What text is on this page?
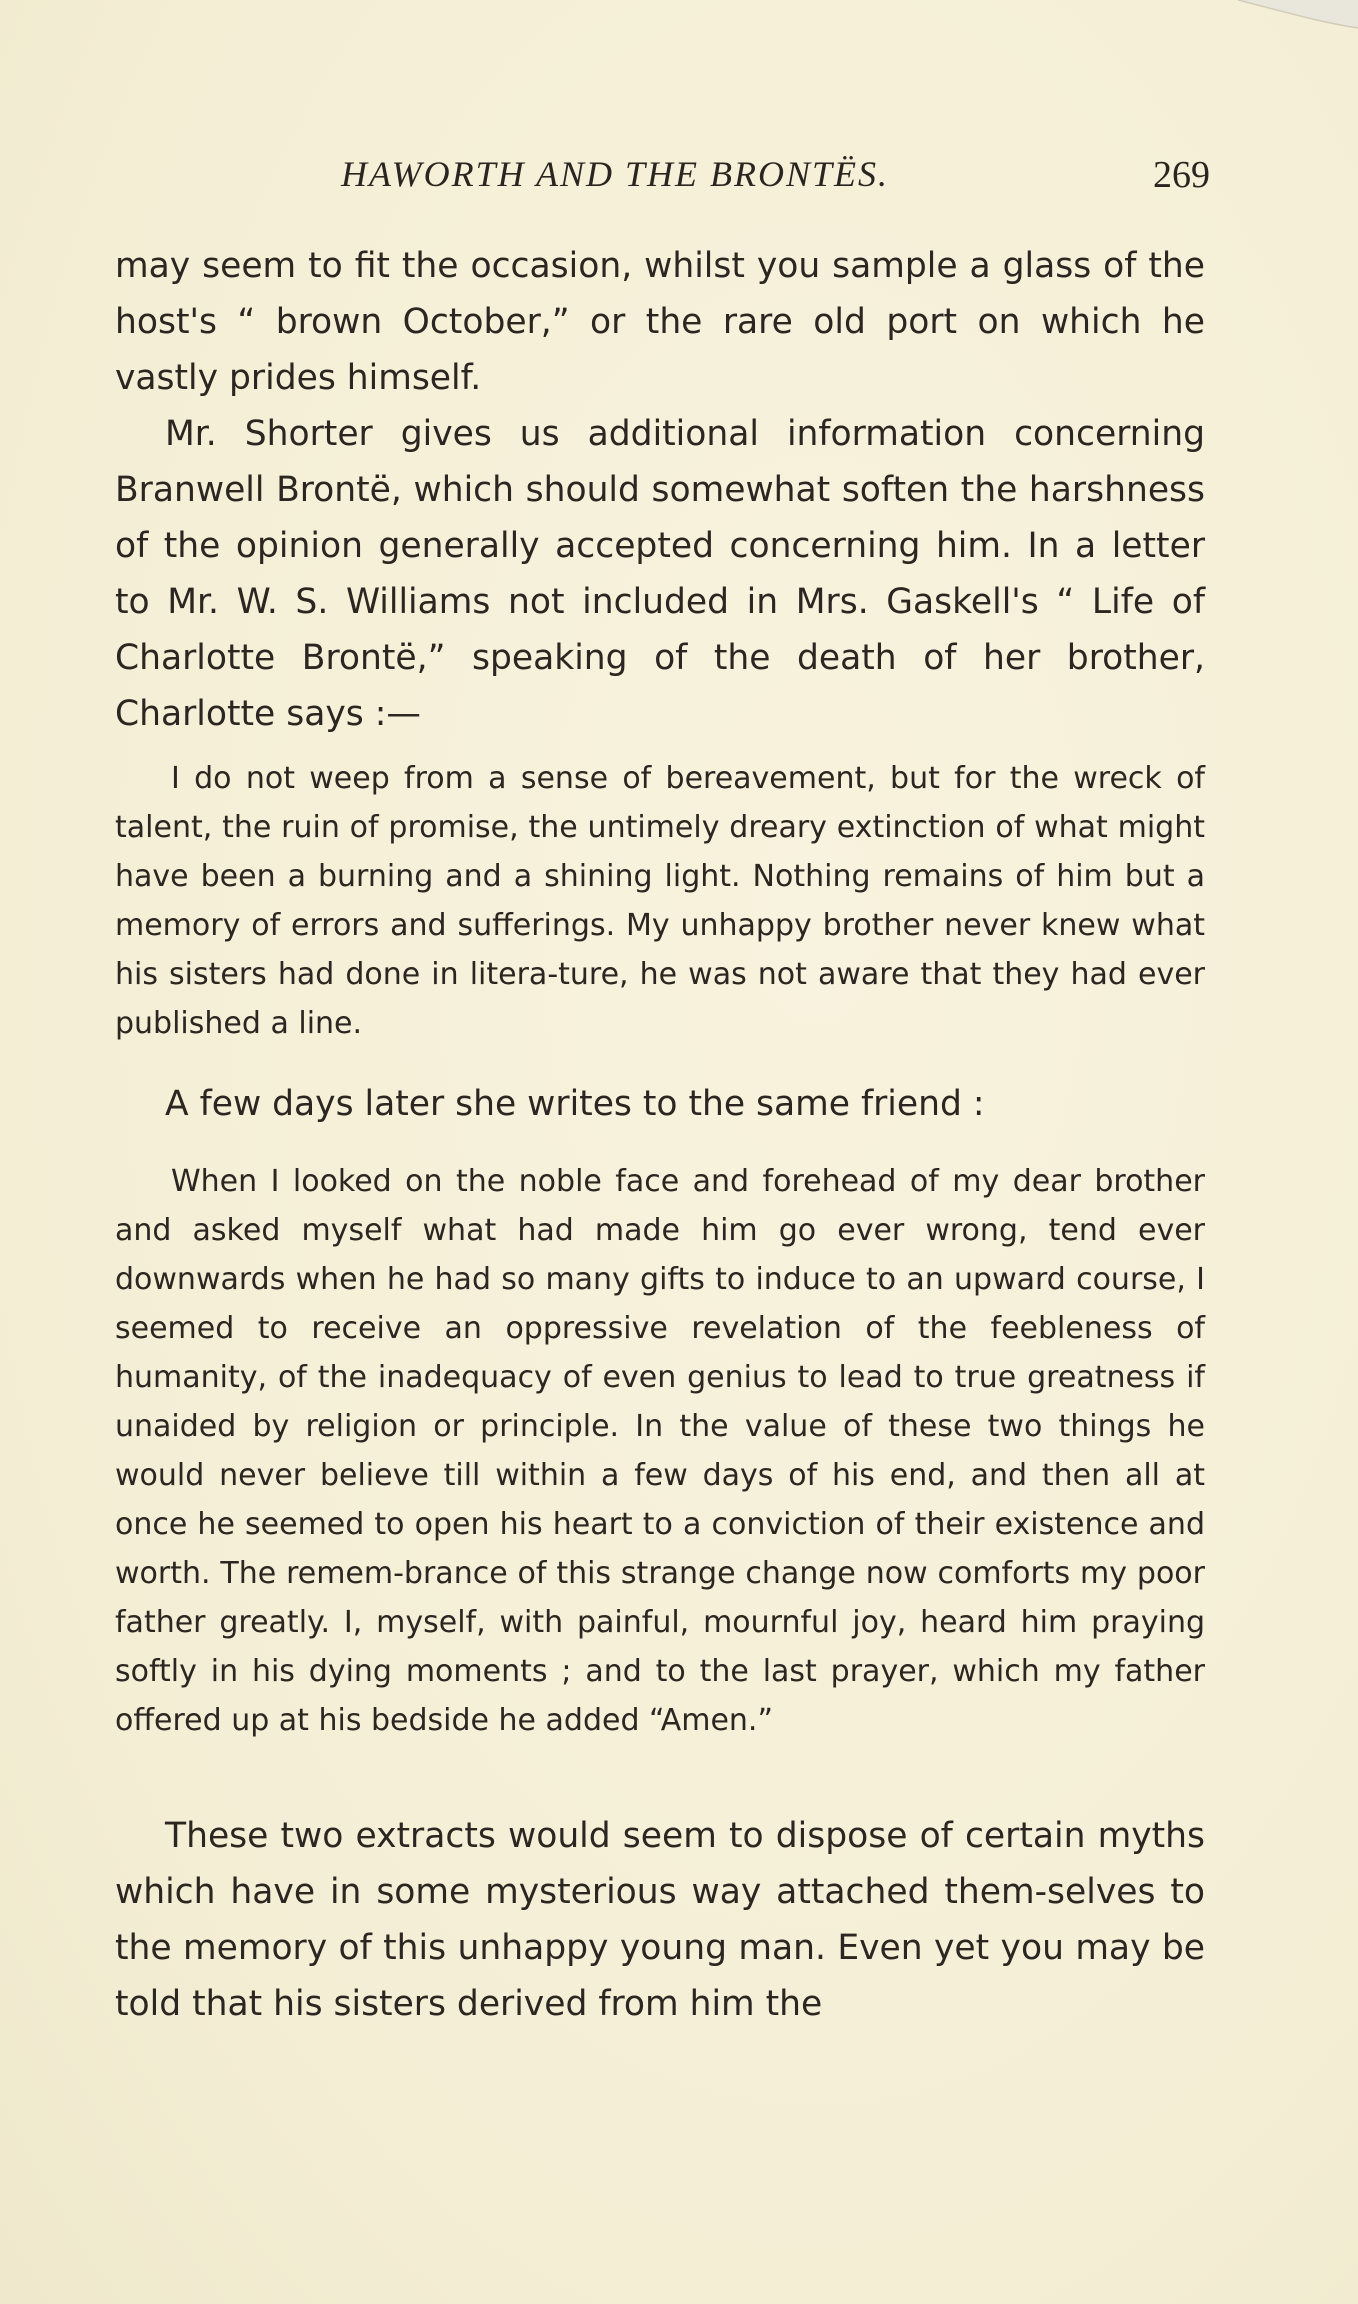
HAWORTH AND THE BRONTËS.	269

may seem to fit the occasion, whilst you sample a glass of the host's “ brown October,” or the rare old port on which he vastly prides himself.

Mr. Shorter gives us additional information concerning Branwell Brontë, which should somewhat soften the harshness of the opinion generally accepted concerning him. In a letter to Mr. W. S. Williams not included in Mrs. Gaskell's “ Life of Charlotte Brontë,” speaking of the death of her brother, Charlotte says :—

I do not weep from a sense of bereavement, but for the wreck of talent, the ruin of promise, the untimely dreary extinction of what might have been a burning and a shining light. Nothing remains of him but a memory of errors and sufferings. My unhappy brother never knew what his sisters had done in litera-ture, he was not aware that they had ever published a line.

A few days later she writes to the same friend :

When I looked on the noble face and forehead of my dear brother and asked myself what had made him go ever wrong, tend ever downwards when he had so many gifts to induce to an upward course, I seemed to receive an oppressive revelation of the feebleness of humanity, of the inadequacy of even genius to lead to true greatness if unaided by religion or principle. In the value of these two things he would never believe till within a few days of his end, and then all at once he seemed to open his heart to a conviction of their existence and worth. The remem-brance of this strange change now comforts my poor father greatly. I, myself, with painful, mournful joy, heard him praying softly in his dying moments ; and to the last prayer, which my father offered up at his bedside he added “Amen.”

These two extracts would seem to dispose of certain myths which have in some mysterious way attached them-selves to the memory of this unhappy young man. Even yet you may be told that his sisters derived from him the
